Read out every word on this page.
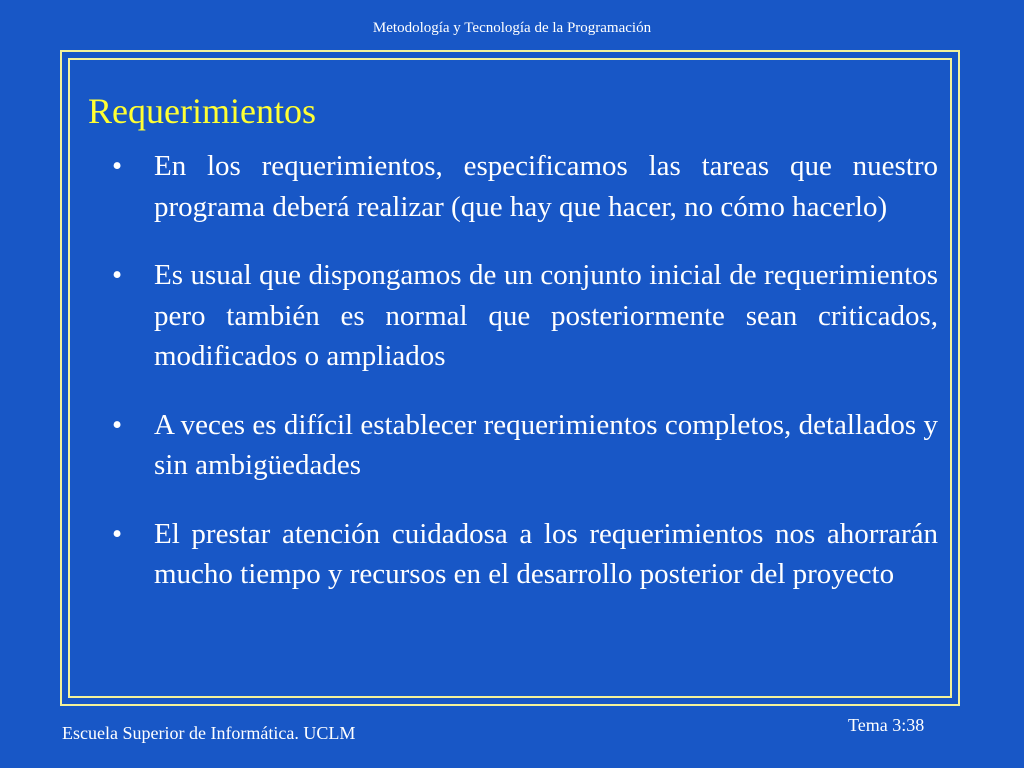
Metodología y Tecnología de la Programación
Requerimientos
• En los requerimientos, especificamos las tareas que nuestro programa deberá realizar (que hay que hacer, no cómo hacerlo)
• Es usual que dispongamos de un conjunto inicial de requerimientos pero también es normal que posteriormente sean criticados, modificados o ampliados
• A veces es difícil establecer requerimientos completos, detallados y sin ambigüedades
• El prestar atención cuidadosa a los requerimientos nos ahorrarán mucho tiempo y recursos en el desarrollo posterior del proyecto
Escuela Superior de Informática. UCLM	Tema 3:38
